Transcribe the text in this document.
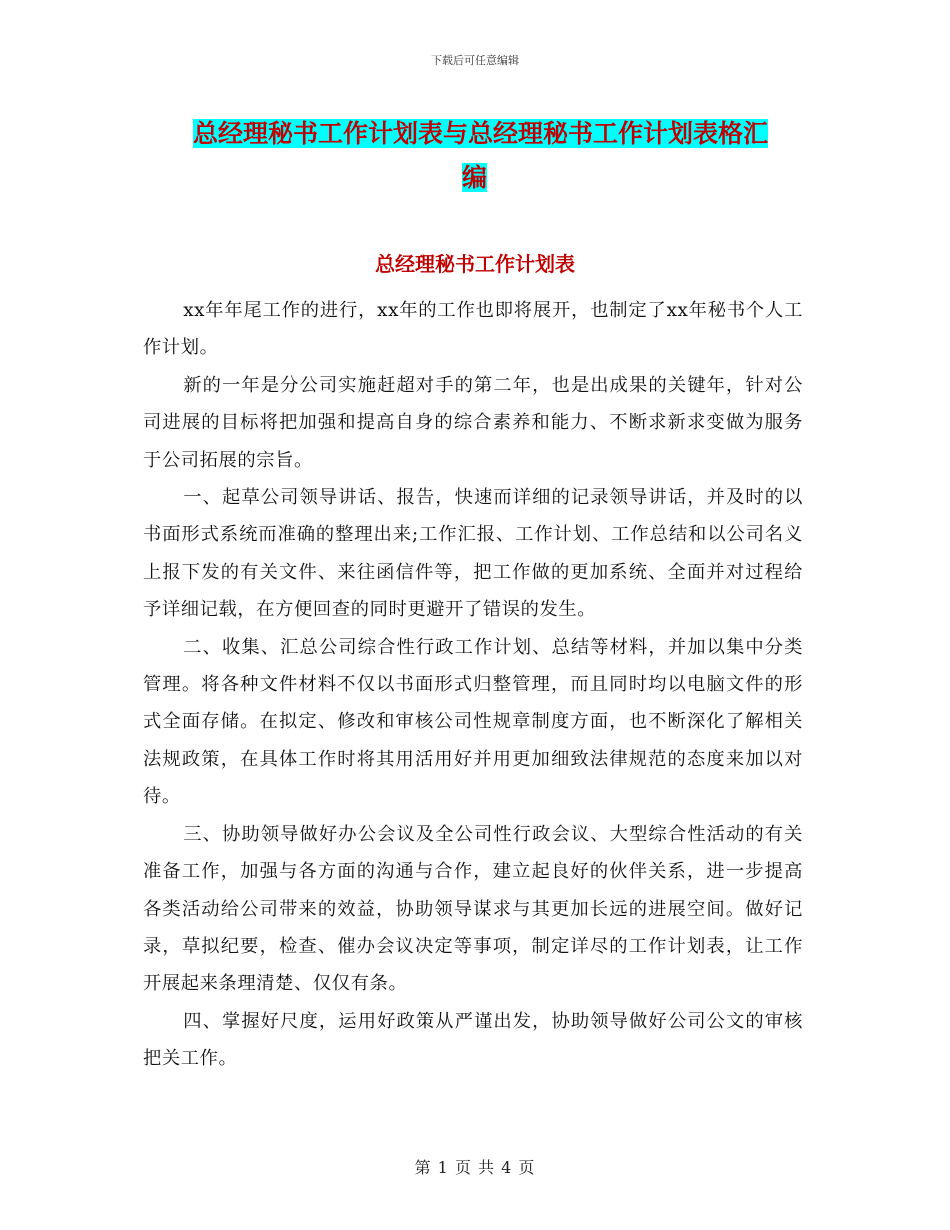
下载后可任意编辑
总经理秘书工作计划表与总经理秘书工作计划表格汇
编
总经理秘书工作计划表

xx年年尾工作的进行，xx年的工作也即将展开，也制定了xx年秘书个人工作计划。

新的一年是分公司实施赶超对手的第二年，也是出成果的关键年，针对公司进展的目标将把加强和提高自身的综合素养和能力、不断求新求变做为服务于公司拓展的宗旨。

一、起草公司领导讲话、报告，快速而详细的记录领导讲话，并及时的以书面形式系统而准确的整理出来;工作汇报、工作计划、工作总结和以公司名义上报下发的有关文件、来往函信件等，把工作做的更加系统、全面并对过程给予详细记载，在方便回查的同时更避开了错误的发生。

二、收集、汇总公司综合性行政工作计划、总结等材料，并加以集中分类管理。将各种文件材料不仅以书面形式归整管理，而且同时均以电脑文件的形式全面存储。在拟定、修改和审核公司性规章制度方面，也不断深化了解相关法规政策，在具体工作时将其用活用好并用更加细致法律规范的态度来加以对待。

三、协助领导做好办公会议及全公司性行政会议、大型综合性活动的有关准备工作，加强与各方面的沟通与合作，建立起良好的伙伴关系，进一步提高各类活动给公司带来的效益，协助领导谋求与其更加长远的进展空间。做好记录，草拟纪要，检查、催办会议决定等事项，制定详尽的工作计划表，让工作开展起来条理清楚、仅仅有条。

四、掌握好尺度，运用好政策从严谨出发，协助领导做好公司公文的审核把关工作。

第 1 页 共 4 页
